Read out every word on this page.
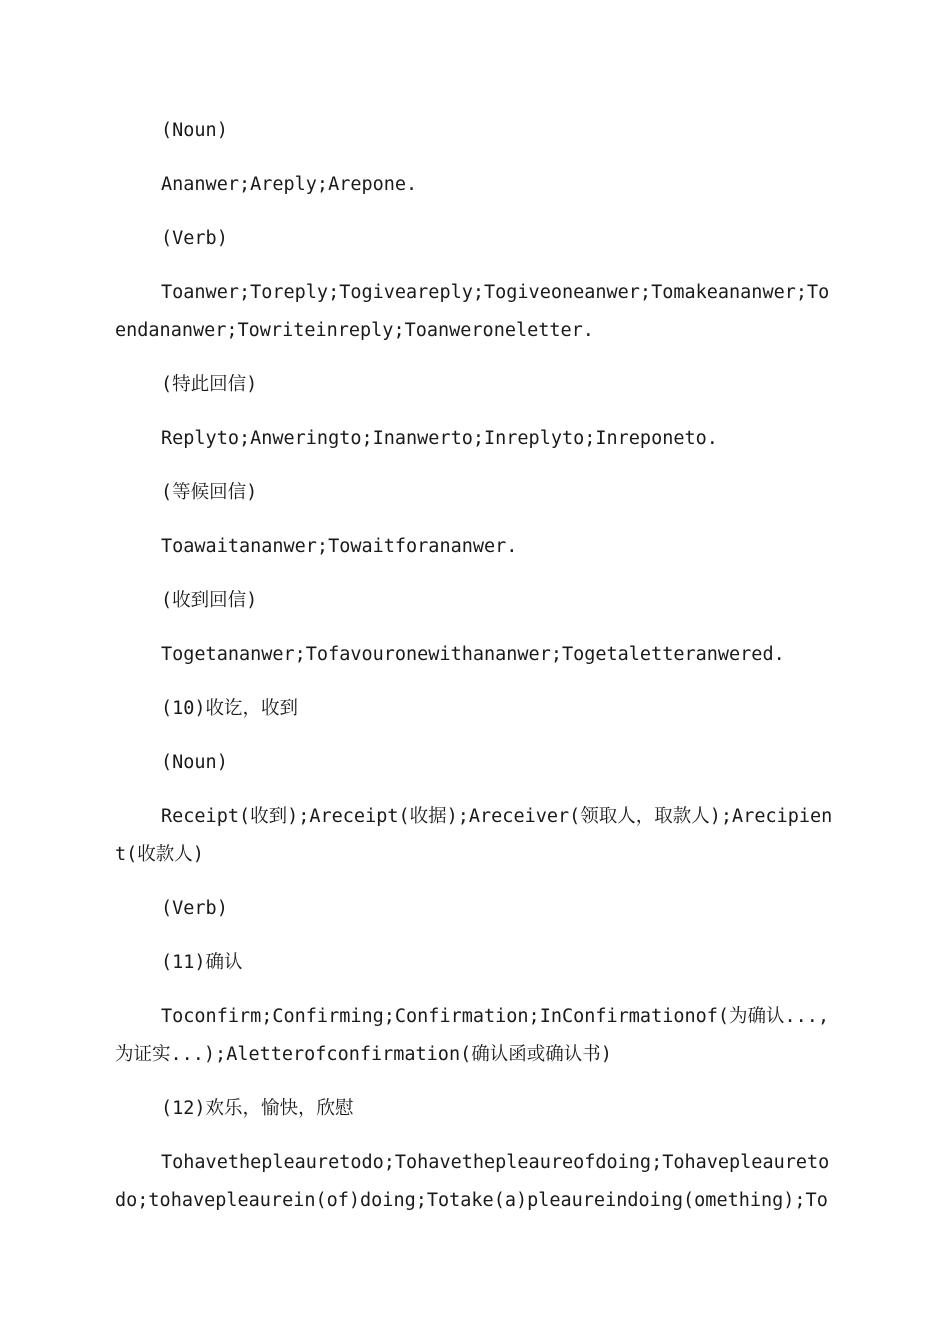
(Noun)

Ananwer;Areply;Arepone.

(Verb)

Toanwer;Toreply;Togiveareply;Togiveoneanwer;Tomakeananwer;Toendananwer;Towriteinreply;Toanweroneletter.

(特此回信)

Replyto;Anweringto;Inanwerto;Inreplyto;Inreponeto.

(等候回信)

Toawaitananwer;Towaitforananwer.

(收到回信)

Togetananwer;Tofavouronewithananwer;Togetaletteranwered.

(10)收讫，收到

(Noun)

Receipt(收到);Areceipt(收据);Areceiver(领取人，取款人);Arecipient(收款人)

(Verb)

(11)确认

Toconfirm;Confirming;Confirmation;InConfirmationof(为确认...,为证实...);Aletterofconfirmation(确认函或确认书)

(12)欢乐，愉快，欣慰

Tohavethepleauretodo;Tohavethepleaureofdoing;Tohavepleauretodo;tohavepleaurein(of)doing;Totake(a)pleaureindoing(omething);To
